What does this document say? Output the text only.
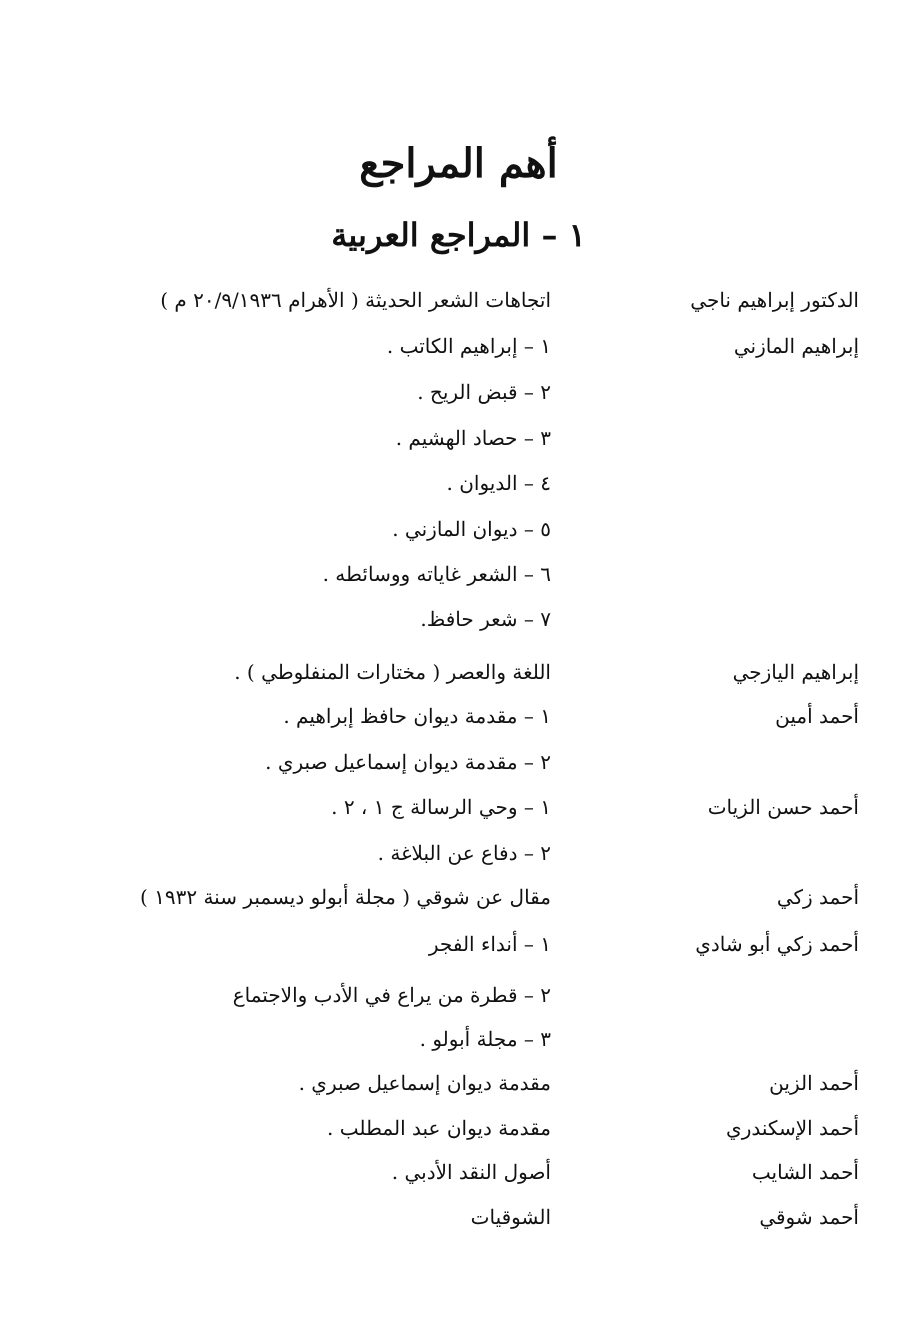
أهم المراجع
١ – المراجع العربية
الدكتور إبراهيم ناجي
اتجاهات الشعر الحديثة ( الأهرام ٢٠/٩/١٩٣٦ م )
إبراهيم المازني
١ – إبراهيم الكاتب .
٢ – قبض الريح .
٣ – حصاد الهشيم .
٤ – الديوان .
٥ – ديوان المازني .
٦ – الشعر غاياته ووسائطه .
٧ – شعر حافظ.
إبراهيم اليازجي
اللغة والعصر ( مختارات المنفلوطي ) .
أحمد أمين
١ – مقدمة ديوان حافظ إبراهيم .
٢ – مقدمة ديوان إسماعيل صبري .
أحمد حسن الزيات
١ – وحي الرسالة ج ١ ، ٢ .
٢ – دفاع عن البلاغة .
أحمد زكي
مقال عن شوقي ( مجلة أبولو ديسمبر سنة ١٩٣٢ )
أحمد زكي أبو شادي
١ – أنداء الفجر
٢ – قطرة من يراع في الأدب والاجتماع
٣ – مجلة أبولو .
أحمد الزين
مقدمة ديوان إسماعيل صبري .
أحمد الإسكندري
مقدمة ديوان عبد المطلب .
أحمد الشايب
أصول النقد الأدبي .
أحمد شوقي
الشوقيات
